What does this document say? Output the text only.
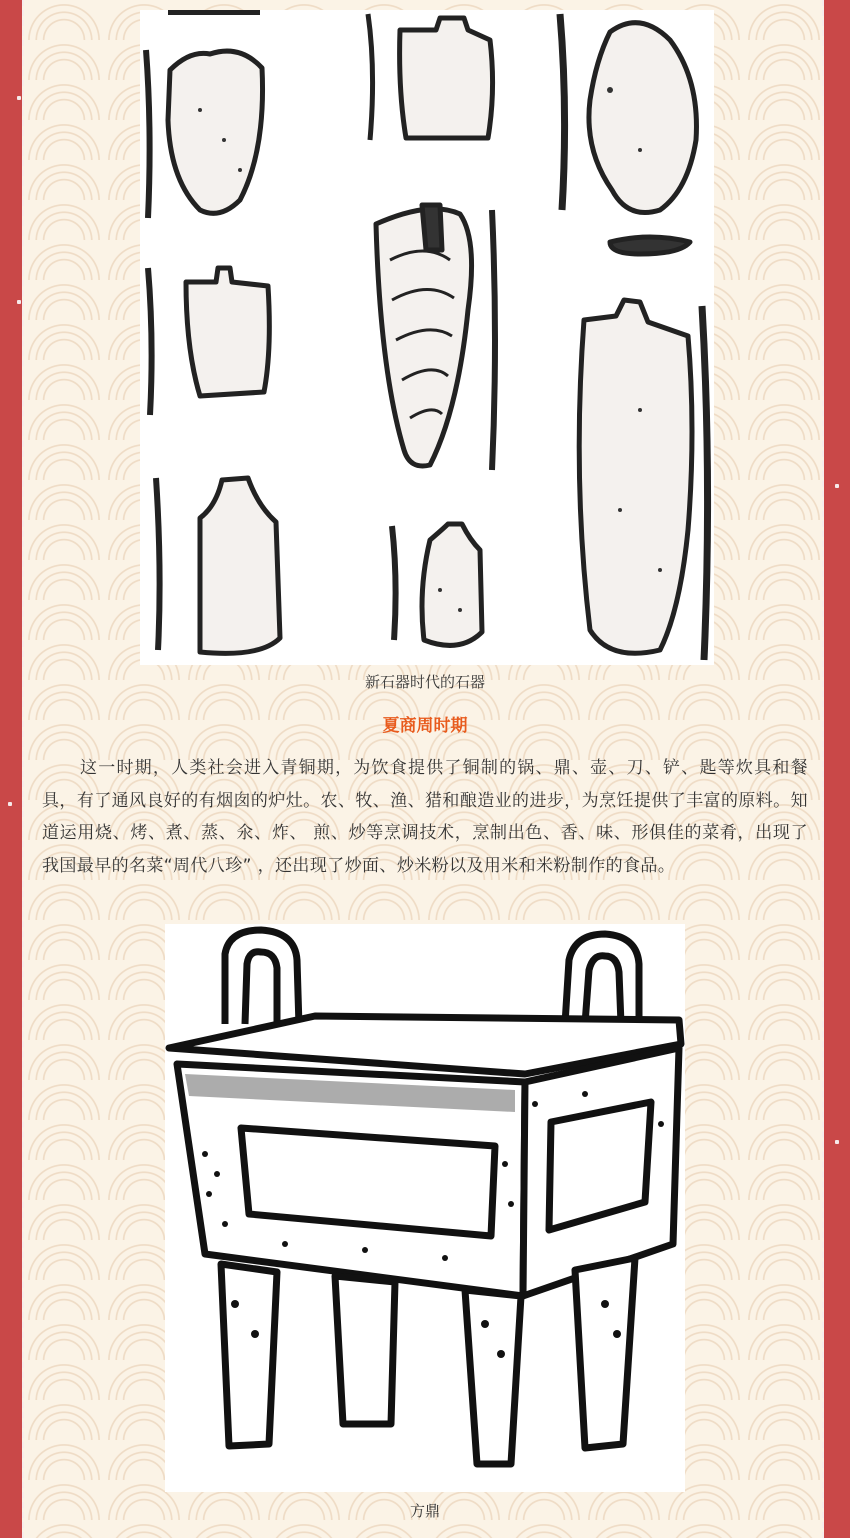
新石器时代的石器
夏商周时期

这一时期，人类社会进入青铜期，为饮食提供了铜制的锅、鼎、壶、刀、铲、匙等炊具和餐具，有了通风良好的有烟囱的炉灶。农、牧、渔、猎和酿造业的进步，为烹饪提供了丰富的原料。知道运用烧、烤、煮、蒸、氽、炸、 煎、炒等烹调技术，烹制出色、香、味、形俱佳的菜肴，出现了我国最早的名菜“周代八珍” ，还出现了炒面、炒米粉以及用米和米粉制作的食品。

方鼎
